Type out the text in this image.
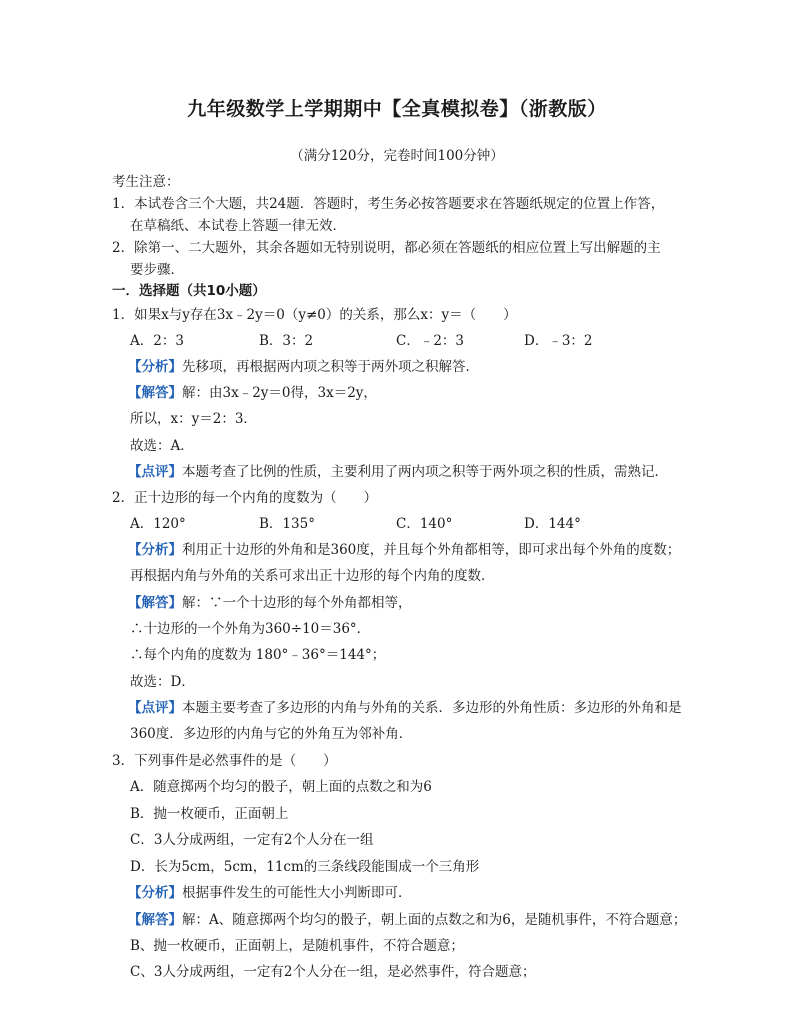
九年级数学上学期期中【全真模拟卷】（浙教版）
（满分120分，完卷时间100分钟）
考生注意：
1．本试卷含三个大题，共24题．答题时，考生务必按答题要求在答题纸规定的位置上作答，
在草稿纸、本试卷上答题一律无效．
2．除第一、二大题外，其余各题如无特别说明，都必须在答题纸的相应位置上写出解题的主
要步骤．
一．选择题（共10小题）
1．如果x与y存在3x﹣2y＝0（y≠0）的关系，那么x：y＝（　　）
A．2：3	B．3：2	C．﹣2：3	D．﹣3：2
【分析】先移项，再根据两内项之积等于两外项之积解答．
【解答】解：由3x﹣2y＝0得，3x＝2y，
所以，x：y＝2：3．
故选：A．
【点评】本题考查了比例的性质，主要利用了两内项之积等于两外项之积的性质，需熟记．
2．正十边形的每一个内角的度数为（　　）
A．120°	B．135°	C．140°	D．144°
【分析】利用正十边形的外角和是360度，并且每个外角都相等，即可求出每个外角的度数；
再根据内角与外角的关系可求出正十边形的每个内角的度数．
【解答】解：∵一个十边形的每个外角都相等，
∴十边形的一个外角为360÷10＝36°．
∴每个内角的度数为 180°﹣36°＝144°；
故选：D．
【点评】本题主要考查了多边形的内角与外角的关系．多边形的外角性质：多边形的外角和是
360度．多边形的内角与它的外角互为邻补角．
3．下列事件是必然事件的是（　　）
A．随意掷两个均匀的骰子，朝上面的点数之和为6
B．抛一枚硬币，正面朝上
C．3人分成两组，一定有2个人分在一组
D．长为5cm，5cm，11cm的三条线段能围成一个三角形
【分析】根据事件发生的可能性大小判断即可．
【解答】解：A、随意掷两个均匀的骰子，朝上面的点数之和为6，是随机事件，不符合题意；
B、抛一枚硬币，正面朝上，是随机事件，不符合题意；
C、3人分成两组，一定有2个人分在一组，是必然事件，符合题意；
